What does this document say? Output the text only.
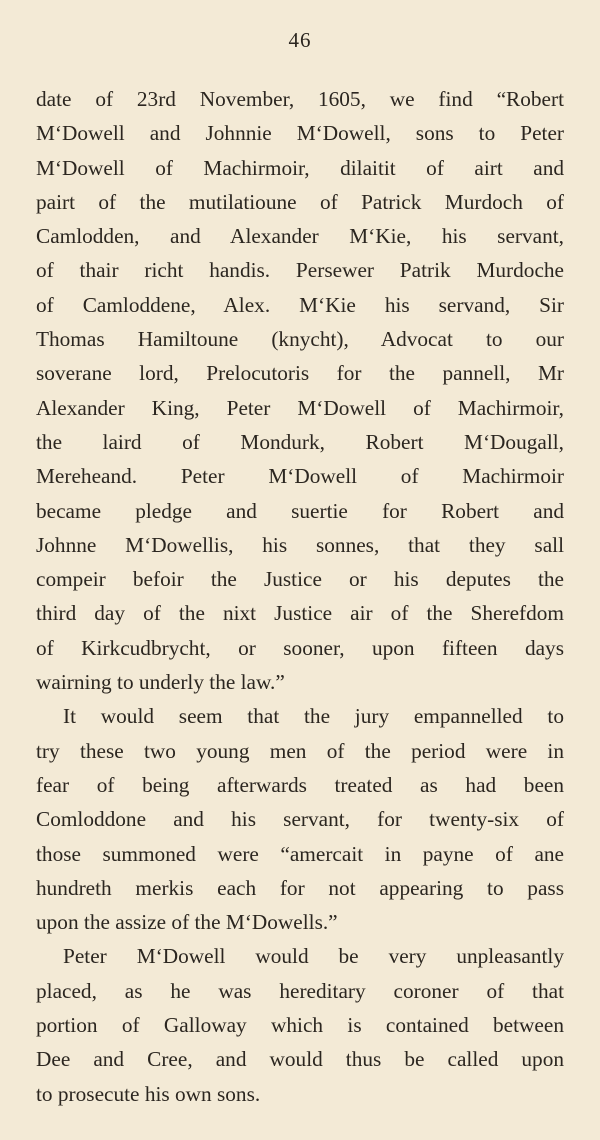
46
date of 23rd November, 1605, we find “Robert
M‘Dowell and Johnnie M‘Dowell, sons to Peter
M‘Dowell of Machirmoir, dilaitit of airt and
pairt of the mutilatioune of Patrick Murdoch of
Camlodden, and Alexander M‘Kie, his servant,
of thair richt handis. Persewer Patrik Murdoche
of Camloddene, Alex. M‘Kie his servand, Sir
Thomas Hamiltoune (knycht), Advocat to our
soverane lord, Prelocutoris for the pannell, Mr
Alexander King, Peter M‘Dowell of Machirmoir,
the laird of Mondurk, Robert M‘Dougall,
Mereheand. Peter M‘Dowell of Machirmoir
became pledge and suertie for Robert and
Johnne M‘Dowellis, his sonnes, that they sall
compeir befoir the Justice or his deputes the
third day of the nixt Justice air of the Sherefdom
of Kirkcudbrycht, or sooner, upon fifteen days
wairning to underly the law.”
It would seem that the jury empannelled to
try these two young men of the period were in
fear of being afterwards treated as had been
Comloddone and his servant, for twenty-six of
those summoned were “amercait in payne of ane
hundreth merkis each for not appearing to pass
upon the assize of the M‘Dowells.”
Peter M‘Dowell would be very unpleasantly
placed, as he was hereditary coroner of that
portion of Galloway which is contained between
Dee and Cree, and would thus be called upon
to prosecute his own sons.
